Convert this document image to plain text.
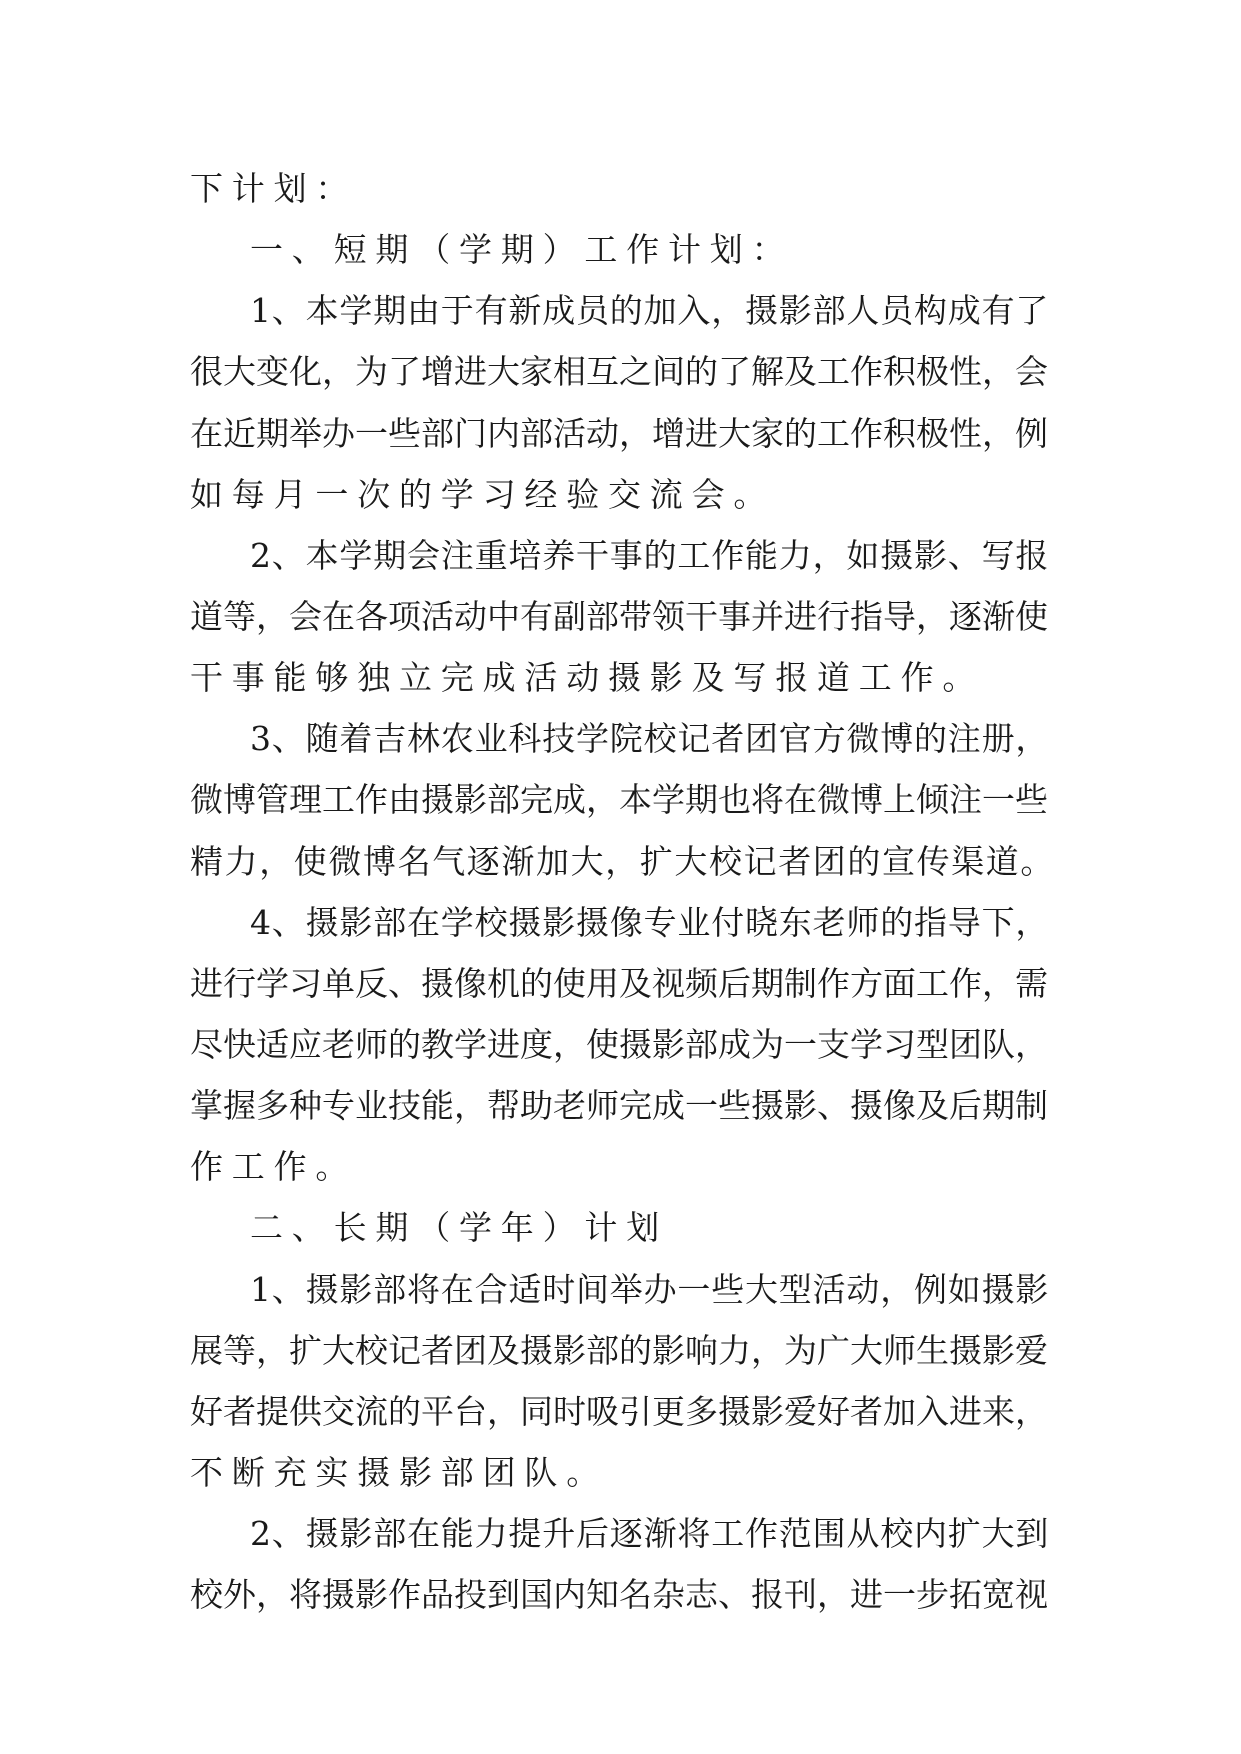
下计划：
一、短期（学期）工作计划：
1、本学期由于有新成员的加入，摄影部人员构成有了
很大变化，为了增进大家相互之间的了解及工作积极性，会
在近期举办一些部门内部活动，增进大家的工作积极性，例
如每月一次的学习经验交流会。
2、本学期会注重培养干事的工作能力，如摄影、写报
道等，会在各项活动中有副部带领干事并进行指导，逐渐使
干事能够独立完成活动摄影及写报道工作。
3、随着吉林农业科技学院校记者团官方微博的注册，
微博管理工作由摄影部完成，本学期也将在微博上倾注一些
精力，使微博名气逐渐加大，扩大校记者团的宣传渠道。
4、摄影部在学校摄影摄像专业付晓东老师的指导下，
进行学习单反、摄像机的使用及视频后期制作方面工作，需
尽快适应老师的教学进度，使摄影部成为一支学习型团队，
掌握多种专业技能，帮助老师完成一些摄影、摄像及后期制
作工作。
二、长期（学年）计划
1、摄影部将在合适时间举办一些大型活动，例如摄影
展等，扩大校记者团及摄影部的影响力，为广大师生摄影爱
好者提供交流的平台，同时吸引更多摄影爱好者加入进来，
不断充实摄影部团队。
2、摄影部在能力提升后逐渐将工作范围从校内扩大到
校外，将摄影作品投到国内知名杂志、报刊，进一步拓宽视
